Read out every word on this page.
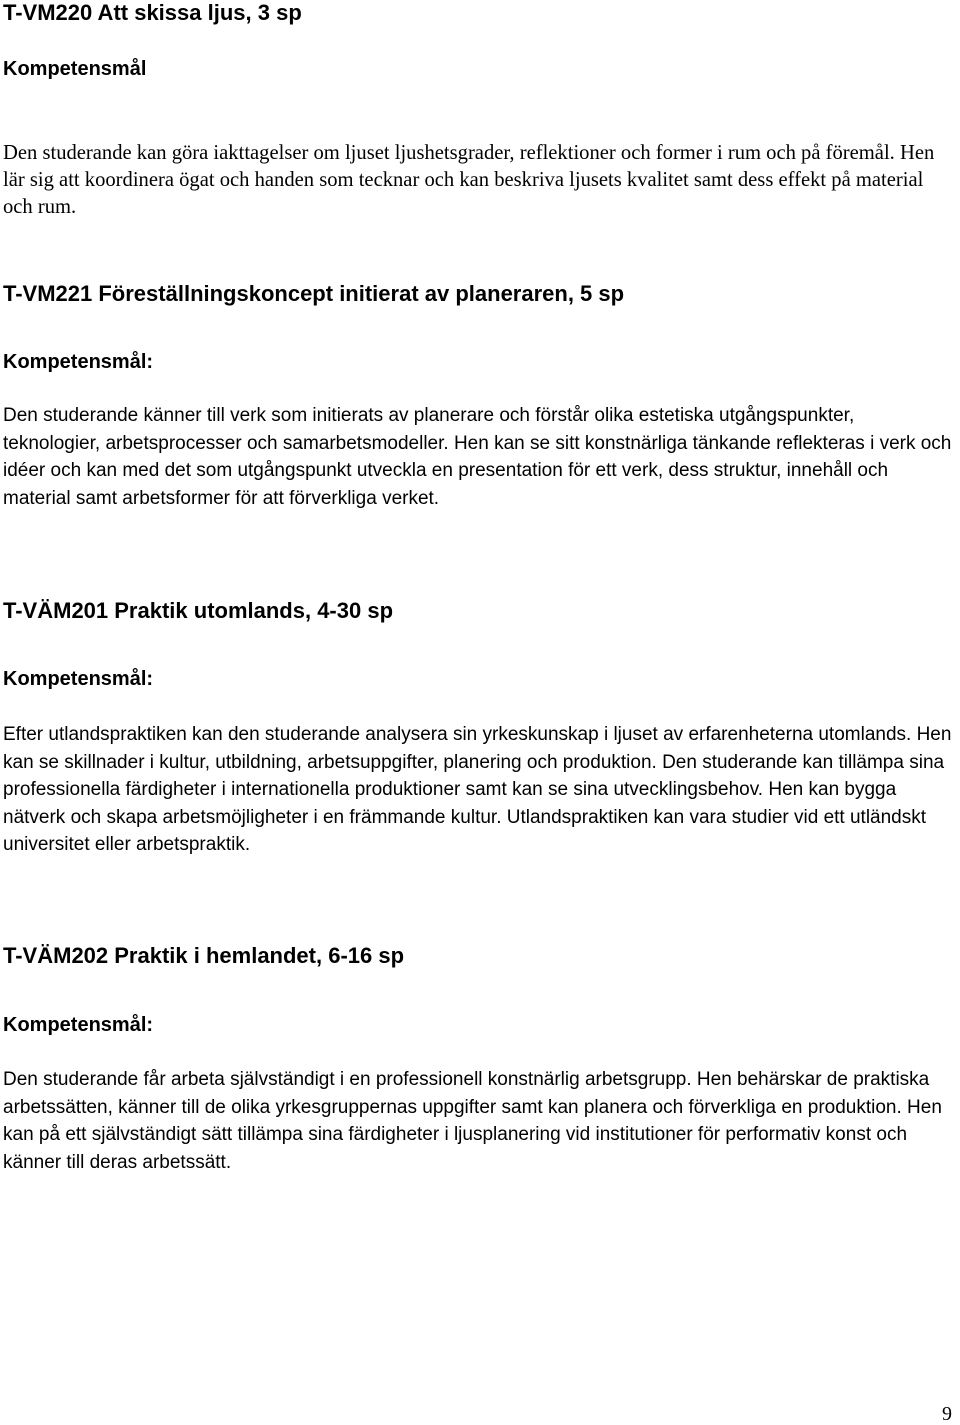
T-VM220 Att skissa ljus, 3 sp
Kompetensmål

Den studerande kan göra iakttagelser om ljuset ljushetsgrader, reflektioner och former i rum och på föremål. Hen lär sig att koordinera ögat och handen som tecknar och kan beskriva ljusets kvalitet samt dess effekt på material och rum.

T-VM221 Föreställningskoncept initierat av planeraren, 5 sp
Kompetensmål:

Den studerande känner till verk som initierats av planerare och förstår olika estetiska utgångspunkter, teknologier, arbetsprocesser och samarbetsmodeller. Hen kan se sitt konstnärliga tänkande reflekteras i verk och idéer och kan med det som utgångspunkt utveckla en presentation för ett verk, dess struktur, innehåll och material samt arbetsformer för att förverkliga verket.

T-VÄM201 Praktik utomlands, 4-30 sp
Kompetensmål:

Efter utlandspraktiken kan den studerande analysera sin yrkeskunskap i ljuset av erfarenheterna utomlands. Hen kan se skillnader i kultur, utbildning, arbetsuppgifter, planering och produktion. Den studerande kan tillämpa sina professionella färdigheter i internationella produktioner samt kan se sina utvecklingsbehov. Hen kan bygga nätverk och skapa arbetsmöjligheter i en främmande kultur. Utlandspraktiken kan vara studier vid ett utländskt universitet eller arbetspraktik.

T-VÄM202 Praktik i hemlandet, 6-16 sp
Kompetensmål:

Den studerande får arbeta självständigt i en professionell konstnärlig arbetsgrupp. Hen behärskar de praktiska arbetssätten, känner till de olika yrkesgruppernas uppgifter samt kan planera och förverkliga en produktion. Hen kan på ett självständigt sätt tillämpa sina färdigheter i ljusplanering vid institutioner för performativ konst och känner till deras arbetssätt.

9
